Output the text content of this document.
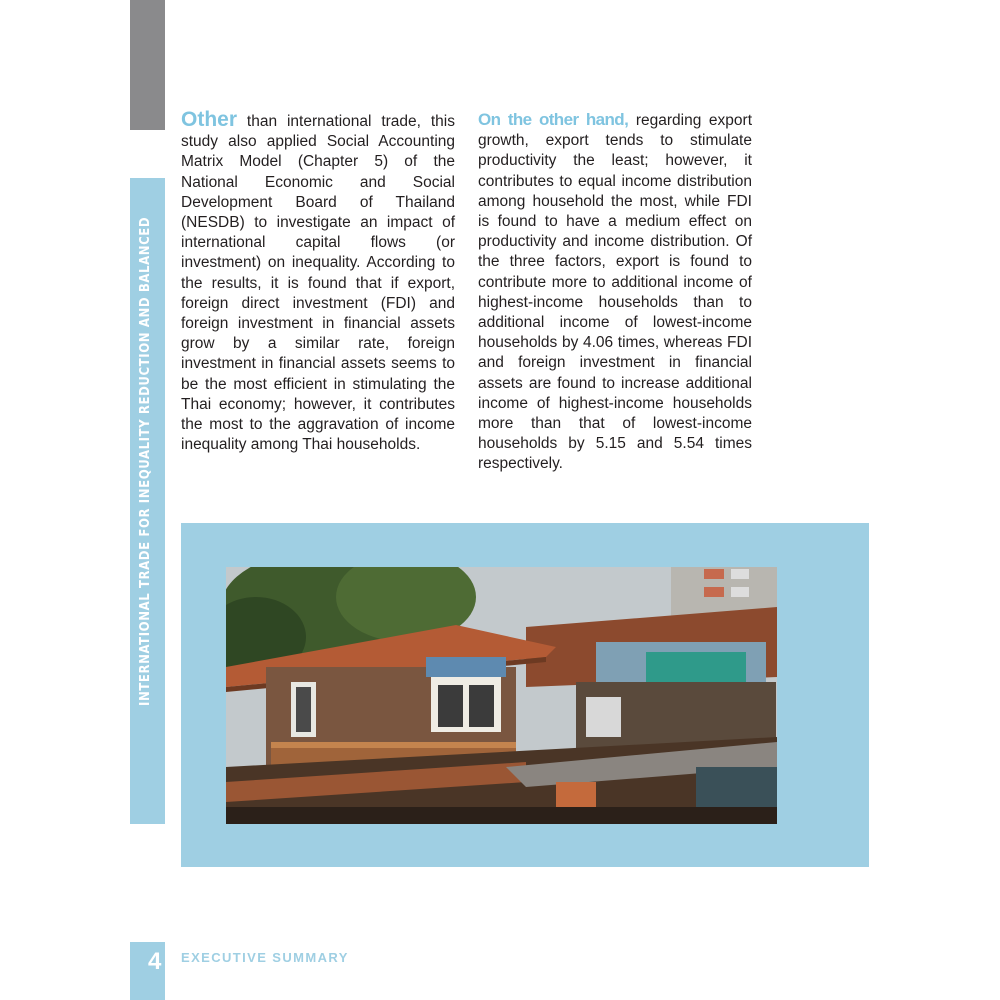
INTERNATIONAL TRADE FOR INEQUALITY REDUCTION AND BALANCED
Other than international trade, this study also applied Social Accounting Matrix Model (Chapter 5) of the National Economic and Social Development Board of Thailand (NESDB) to investigate an impact of international capital flows (or investment) on inequality. According to the results, it is found that if export, foreign direct investment (FDI) and foreign investment in financial assets grow by a similar rate, foreign investment in financial assets seems to be the most efficient in stimulating the Thai economy; however, it contributes the most to the aggravation of income inequality among Thai households.
On the other hand, regarding export growth, export tends to stimulate productivity the least; however, it contributes to equal income distribution among household the most, while FDI is found to have a medium effect on productivity and income distribution. Of the three factors, export is found to contribute more to additional income of highest-income households than to additional income of lowest-income households by 4.06 times, whereas FDI and foreign investment in financial assets are found to increase additional income of highest-income households more than that of lowest-income households by 5.15 and 5.54 times respectively.
4 EXECUTIVE SUMMARY
